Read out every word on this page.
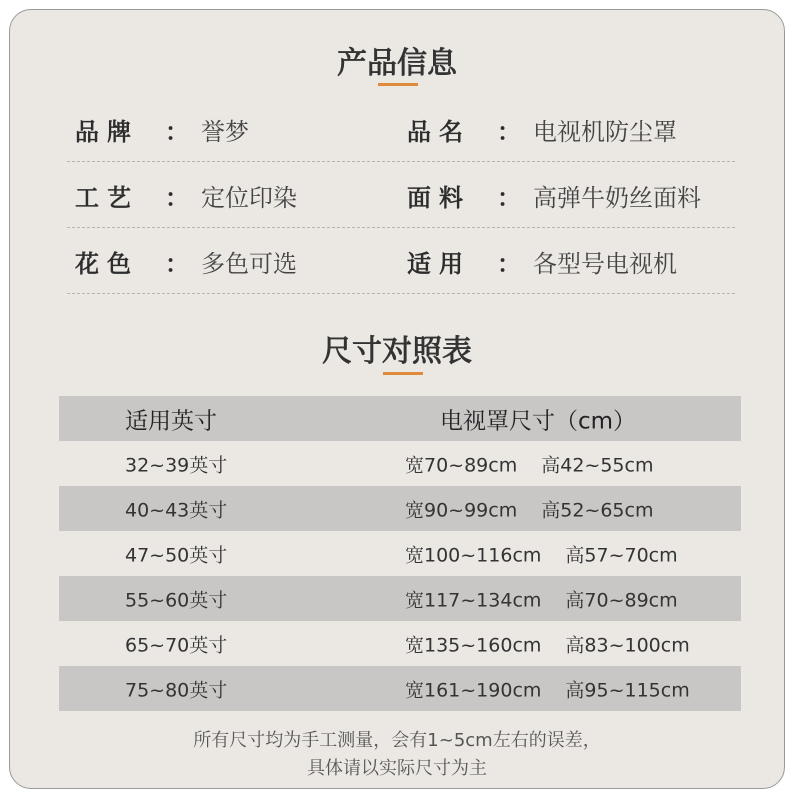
产品信息
品牌 ： 誉梦	品名 ： 电视机防尘罩
工艺 ： 定位印染	面料 ： 高弹牛奶丝面料
花色 ： 多色可选	适用 ： 各型号电视机
尺寸对照表
适用英寸	电视罩尺寸（cm）
32~39英寸	宽70~89cm 高42~55cm
40~43英寸	宽90~99cm 高52~65cm
47~50英寸	宽100~116cm 高57~70cm
55~60英寸	宽117~134cm 高70~89cm
65~70英寸	宽135~160cm 高83~100cm
75~80英寸	宽161~190cm 高95~115cm
所有尺寸均为手工测量，会有1~5cm左右的误差，
具体请以实际尺寸为主
